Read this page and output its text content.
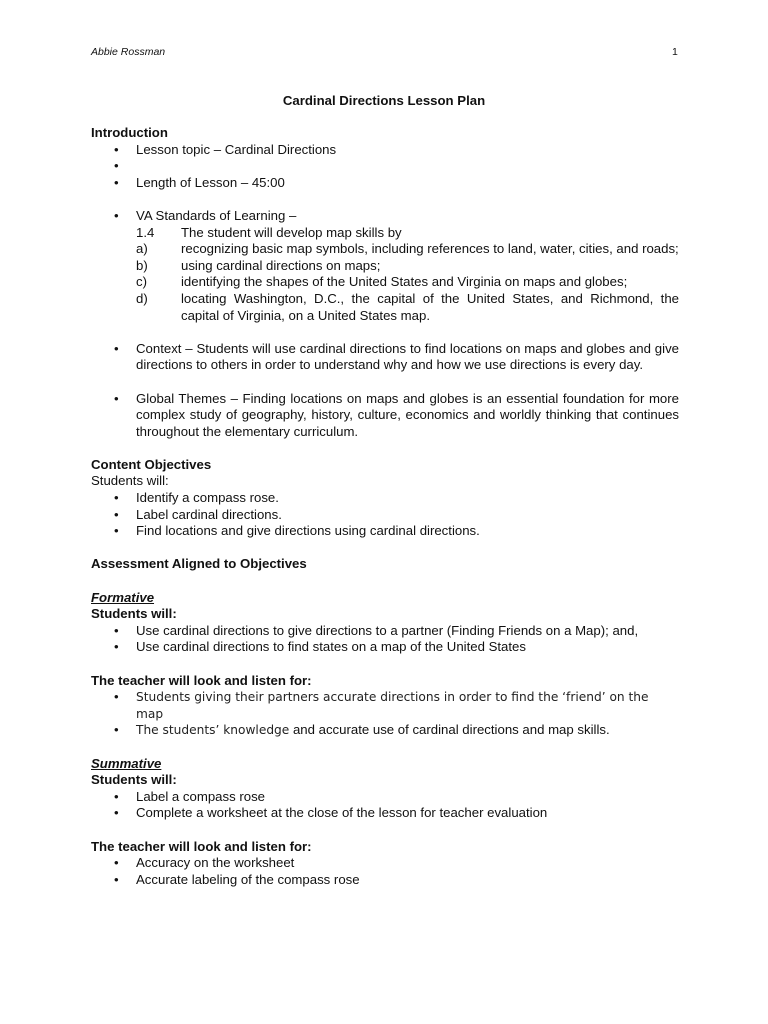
Abbie Rossman	1
Cardinal Directions Lesson Plan
Introduction
• Lesson topic – Cardinal Directions
•
• Length of Lesson – 45:00
• VA Standards of Learning –
1.4	The student will develop map skills by
a)	recognizing basic map symbols, including references to land, water, cities, and roads;
b)	using cardinal directions on maps;
c)	identifying the shapes of the United States and Virginia on maps and globes;
d)	locating Washington, D.C., the capital of the United States, and Richmond, the capital of Virginia, on a United States map.
• Context – Students will use cardinal directions to find locations on maps and globes and give directions to others in order to understand why and how we use directions is every day.
• Global Themes – Finding locations on maps and globes is an essential foundation for more complex study of geography, history, culture, economics and worldly thinking that continues throughout the elementary curriculum.
Content Objectives
Students will:
• Identify a compass rose.
• Label cardinal directions.
• Find locations and give directions using cardinal directions.
Assessment Aligned to Objectives
Formative
Students will:
• Use cardinal directions to give directions to a partner (Finding Friends on a Map); and,
• Use cardinal directions to find states on a map of the United States
The teacher will look and listen for:
• Students giving their partners accurate directions in order to find the ‘friend’ on the map
• The students’ knowledge and accurate use of cardinal directions and map skills.
Summative
Students will:
• Label a compass rose
• Complete a worksheet at the close of the lesson for teacher evaluation
The teacher will look and listen for:
• Accuracy on the worksheet
• Accurate labeling of the compass rose
